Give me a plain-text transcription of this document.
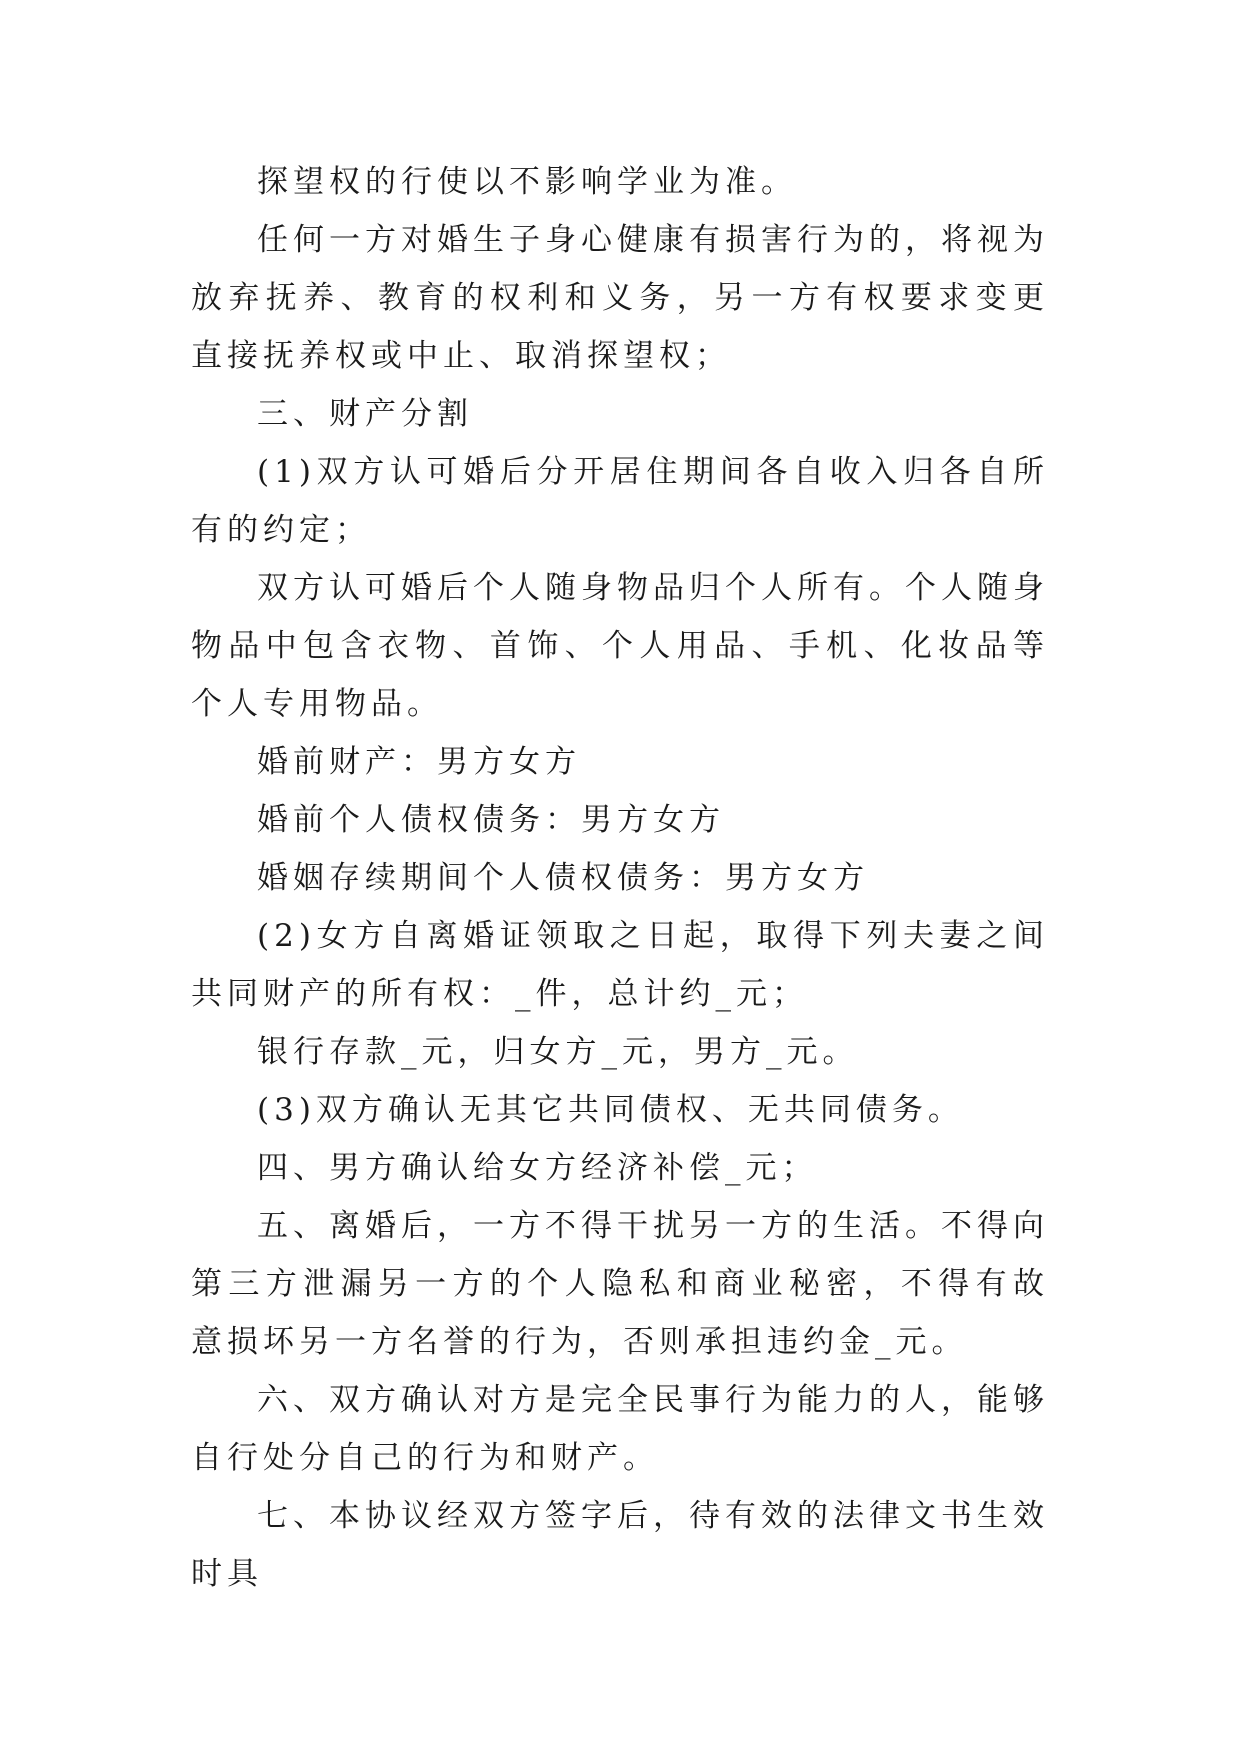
探望权的行使以不影响学业为准。

任何一方对婚生子身心健康有损害行为的，将视为放弃抚养、教育的权利和义务，另一方有权要求变更直接抚养权或中止、取消探望权；

三、财产分割

(1)双方认可婚后分开居住期间各自收入归各自所有的约定；

双方认可婚后个人随身物品归个人所有。个人随身物品中包含衣物、首饰、个人用品、手机、化妆品等个人专用物品。

婚前财产：男方女方

婚前个人债权债务：男方女方

婚姻存续期间个人债权债务：男方女方

(2)女方自离婚证领取之日起，取得下列夫妻之间共同财产的所有权：_件，总计约_元；

银行存款_元，归女方_元，男方_元。

(3)双方确认无其它共同债权、无共同债务。

四、男方确认给女方经济补偿_元；

五、离婚后，一方不得干扰另一方的生活。不得向第三方泄漏另一方的个人隐私和商业秘密，不得有故意损坏另一方名誉的行为，否则承担违约金_元。

六、双方确认对方是完全民事行为能力的人，能够自行处分自己的行为和财产。

七、本协议经双方签字后，待有效的法律文书生效时具
